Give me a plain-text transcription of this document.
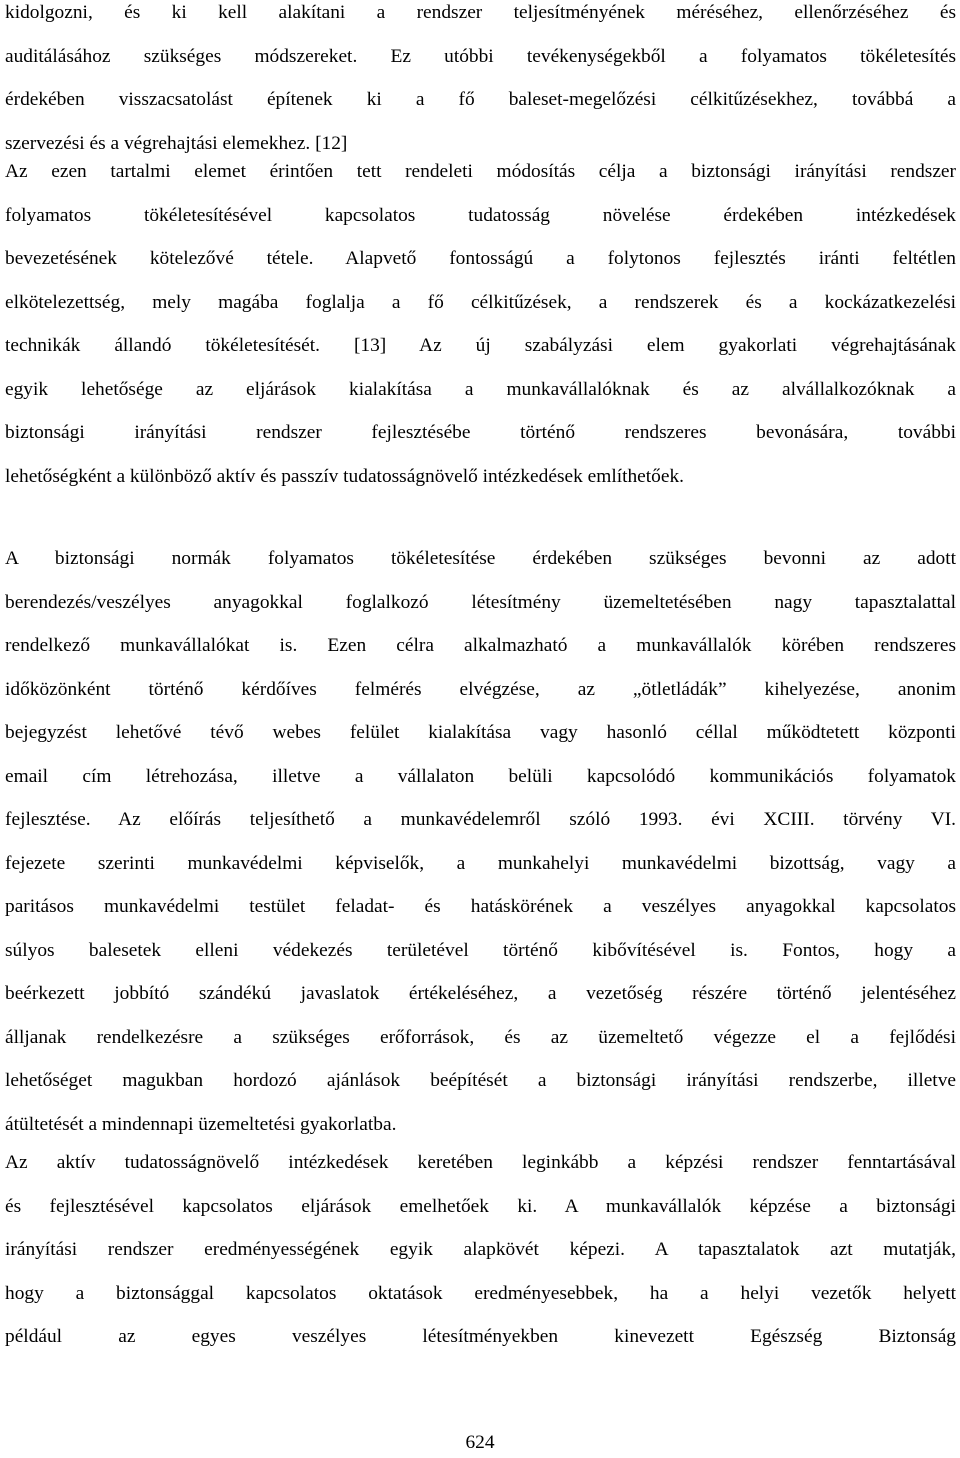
kidolgozni, és ki kell alakítani a rendszer teljesítményének méréséhez, ellenőrzéséhez és
auditálásához szükséges módszereket. Ez utóbbi tevékenységekből a folyamatos tökéletesítés
érdekében visszacsatolást építenek ki a fő baleset-megelőzési célkitűzésekhez, továbbá a
szervezési és a végrehajtási elemekhez. [12]

Az ezen tartalmi elemet érintően tett rendeleti módosítás célja a biztonsági irányítási rendszer
folyamatos tökéletesítésével kapcsolatos tudatosság növelése érdekében intézkedések
bevezetésének kötelezővé tétele. Alapvető fontosságú a folytonos fejlesztés iránti feltétlen
elkötelezettség, mely magába foglalja a fő célkitűzések, a rendszerek és a kockázatkezelési
technikák állandó tökéletesítését. [13] Az új szabályzási elem gyakorlati végrehajtásának
egyik lehetősége az eljárások kialakítása a munkavállalóknak és az alvállalkozóknak a
biztonsági irányítási rendszer fejlesztésébe történő rendszeres bevonására, további
lehetőségként a különböző aktív és passzív tudatosságnövelő intézkedések említhetőek.

A biztonsági normák folyamatos tökéletesítése érdekében szükséges bevonni az adott
berendezés/veszélyes anyagokkal foglalkozó létesítmény üzemeltetésében nagy tapasztalattal
rendelkező munkavállalókat is. Ezen célra alkalmazható a munkavállalók körében rendszeres
időközönként történő kérdőíves felmérés elvégzése, az „ötletládák” kihelyezése, anonim
bejegyzést lehetővé tévő webes felület kialakítása vagy hasonló céllal működtetett központi
email cím létrehozása, illetve a vállalaton belüli kapcsolódó kommunikációs folyamatok
fejlesztése. Az előírás teljesíthető a munkavédelemről szóló 1993. évi XCIII. törvény VI.
fejezete szerinti munkavédelmi képviselők, a munkahelyi munkavédelmi bizottság, vagy a
paritásos munkavédelmi testület feladat- és hatáskörének a veszélyes anyagokkal kapcsolatos
súlyos balesetek elleni védekezés területével történő kibővítésével is. Fontos, hogy a
beérkezett jobbító szándékú javaslatok értékeléséhez, a vezetőség részére történő jelentéséhez
álljanak rendelkezésre a szükséges erőforrások, és az üzemeltető végezze el a fejlődési
lehetőséget magukban hordozó ajánlások beépítését a biztonsági irányítási rendszerbe, illetve
átültetését a mindennapi üzemeltetési gyakorlatba.

Az aktív tudatosságnövelő intézkedések keretében leginkább a képzési rendszer fenntartásával
és fejlesztésével kapcsolatos eljárások emelhetőek ki. A munkavállalók képzése a biztonsági
irányítási rendszer eredményességének egyik alapkövét képezi. A tapasztalatok azt mutatják,
hogy a biztonsággal kapcsolatos oktatások eredményesebbek, ha a helyi vezetők helyett
például az egyes veszélyes létesítményekben kinevezett Egészség Biztonság

624
